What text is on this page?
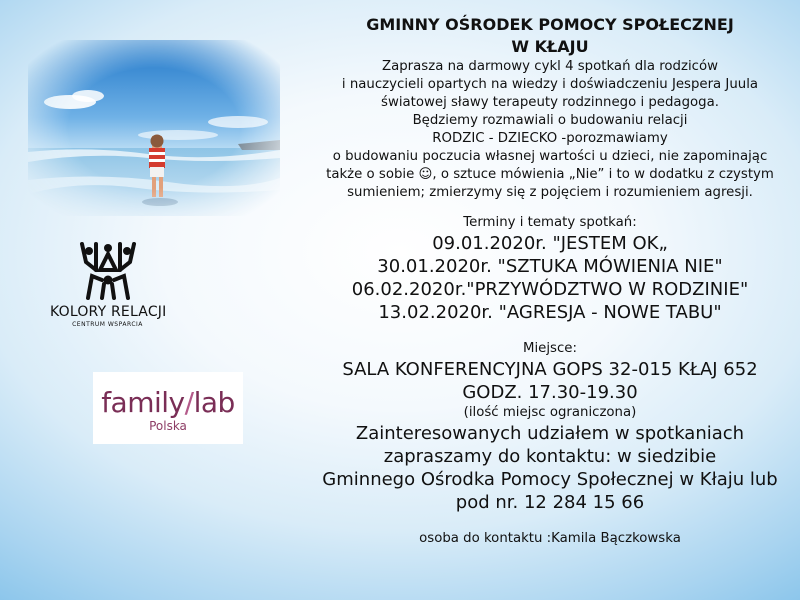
KOLORY RELACJI
CENTRUM WSPARCIA
family/lab
Polska
GMINNY OŚRODEK POMOCY SPOŁECZNEJ
W KŁAJU
Zaprasza na darmowy cykl 4 spotkań dla rodziców
i nauczycieli opartych na wiedzy i doświadczeniu Jespera Juula
światowej sławy terapeuty rodzinnego i pedagoga.
Będziemy rozmawiali o budowaniu relacji
RODZIC - DZIECKO -porozmawiamy
o budowaniu poczucia własnej wartości u dzieci, nie zapominając
także o sobie ☺, o sztuce mówienia „Nie” i to w dodatku z czystym
sumieniem; zmierzymy się z pojęciem i rozumieniem agresji.
Terminy i tematy spotkań:
09.01.2020r. "JESTEM OK„
30.01.2020r. "SZTUKA MÓWIENIA NIE"
06.02.2020r."PRZYWÓDZTWO W RODZINIE"
13.02.2020r. "AGRESJA - NOWE TABU"
Miejsce:
SALA KONFERENCYJNA GOPS 32-015 KŁAJ 652
GODZ. 17.30-19.30
(ilość miejsc ograniczona)
Zainteresowanych udziałem w spotkaniach
zapraszamy do kontaktu: w siedzibie
Gminnego Ośrodka Pomocy Społecznej w Kłaju lub
pod nr. 12 284 15 66
osoba do kontaktu :Kamila Bączkowska
